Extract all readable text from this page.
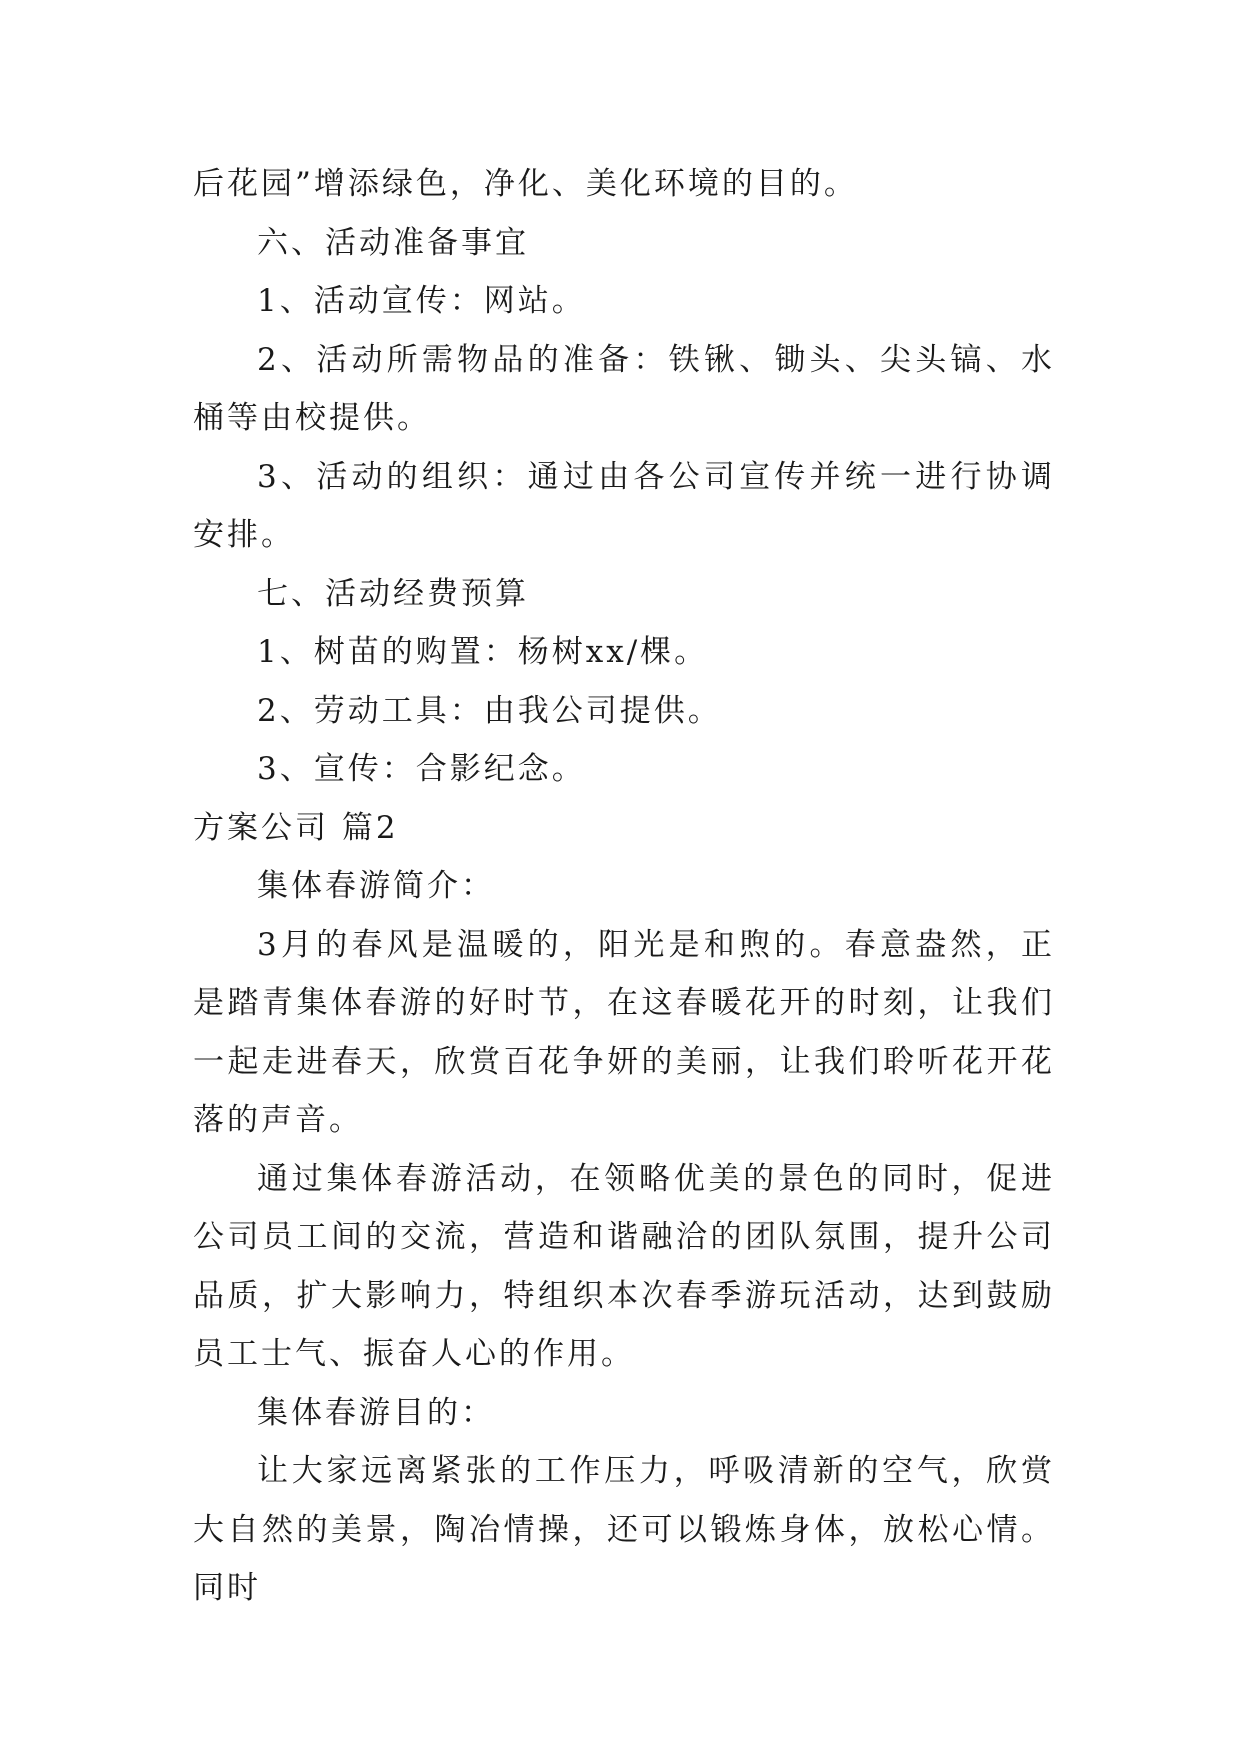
后花园”增添绿色，净化、美化环境的目的。

六、活动准备事宜

1、活动宣传：网站。

2、活动所需物品的准备：铁锹、锄头、尖头镐、水桶等由校提供。

3、活动的组织：通过由各公司宣传并统一进行协调安排。

七、活动经费预算

1、树苗的购置：杨树xx/棵。

2、劳动工具：由我公司提供。

3、宣传：合影纪念。

方案公司 篇2

集体春游简介：

3月的春风是温暖的，阳光是和煦的。春意盎然，正是踏青集体春游的好时节，在这春暖花开的时刻，让我们一起走进春天，欣赏百花争妍的美丽，让我们聆听花开花落的声音。

通过集体春游活动，在领略优美的景色的同时，促进公司员工间的交流，营造和谐融洽的团队氛围，提升公司品质，扩大影响力，特组织本次春季游玩活动，达到鼓励员工士气、振奋人心的作用。

集体春游目的：

让大家远离紧张的工作压力，呼吸清新的空气，欣赏大自然的美景，陶冶情操，还可以锻炼身体，放松心情。同时
